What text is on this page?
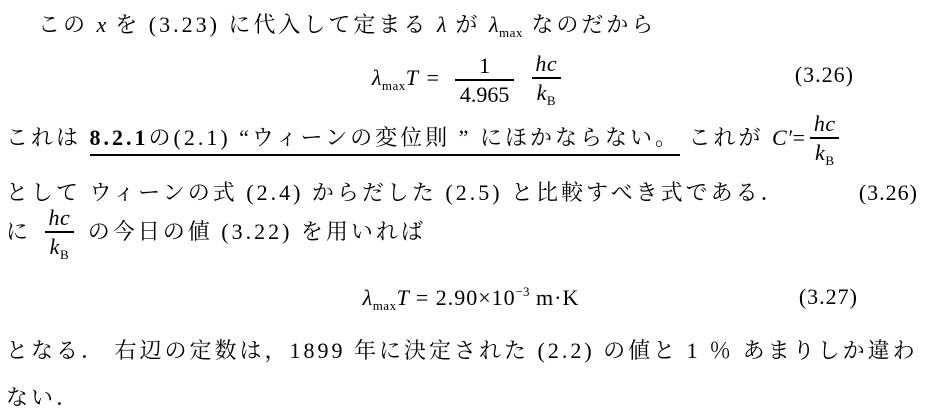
この x を (3.23) に代入して定まる λ が $\lambda_{max}$ なのだから
$\lambda_{max}T = \frac{1}{4.965} \frac{hc}{k_B}$	(3.26)
これは 8.2.1の(2.1) “ウィーンの変位則 ” にほかならない。 これが $C'= \frac{hc}{k_B}$
として ウィーンの式 (2.4) からだした (2.5) と比較すべき式である．	(3.26)
に $\frac{hc}{k_B}$ の今日の値 (3.22) を用いれば
$\lambda_{max}T = 2.90\times 10^{-3}$ m·K	(3.27)
となる． 右辺の定数は，1899 年に決定された (2.2) の値と 1 ％ あまりしか違わ
ない．
